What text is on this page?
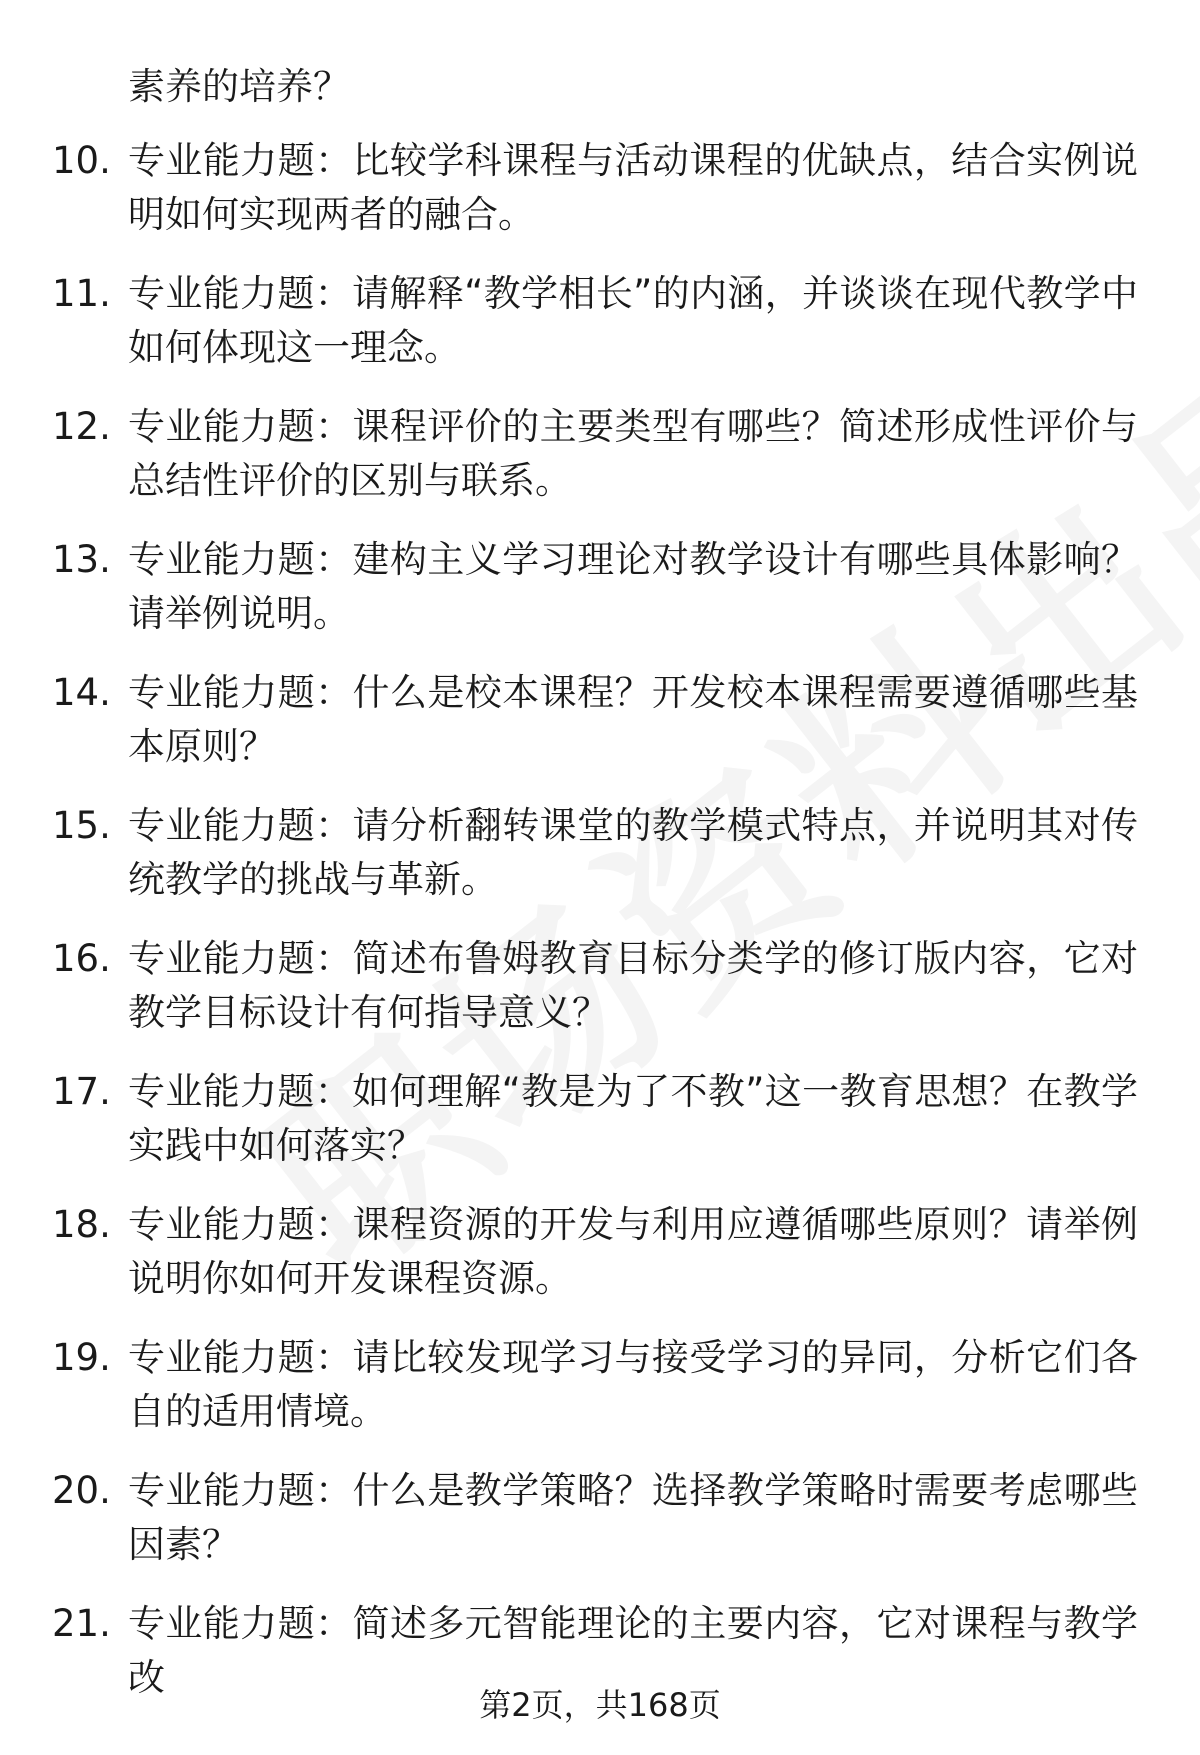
素养的培养？
10. 专业能力题：比较学科课程与活动课程的优缺点，结合实例说明如何实现两者的融合。
11. 专业能力题：请解释“教学相长”的内涵，并谈谈在现代教学中如何体现这一理念。
12. 专业能力题：课程评价的主要类型有哪些？简述形成性评价与总结性评价的区别与联系。
13. 专业能力题：建构主义学习理论对教学设计有哪些具体影响？请举例说明。
14. 专业能力题：什么是校本课程？开发校本课程需要遵循哪些基本原则？
15. 专业能力题：请分析翻转课堂的教学模式特点，并说明其对传统教学的挑战与革新。
16. 专业能力题：简述布鲁姆教育目标分类学的修订版内容，它对教学目标设计有何指导意义？
17. 专业能力题：如何理解“教是为了不教”这一教育思想？在教学实践中如何落实？
18. 专业能力题：课程资源的开发与利用应遵循哪些原则？请举例说明你如何开发课程资源。
19. 专业能力题：请比较发现学习与接受学习的异同，分析它们各自的适用情境。
20. 专业能力题：什么是教学策略？选择教学策略时需要考虑哪些因素？
21. 专业能力题：简述多元智能理论的主要内容，它对课程与教学改
第2页，共168页
